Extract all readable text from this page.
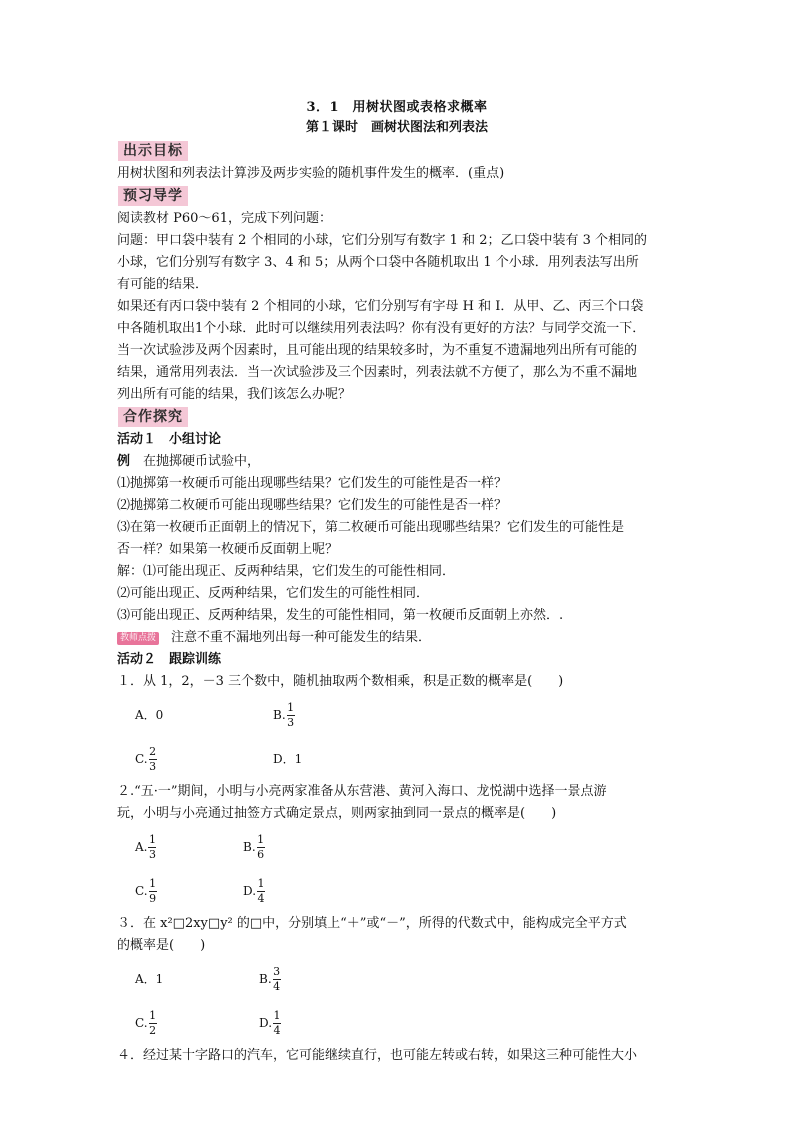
3．1　用树状图或表格求概率
第１课时　画树状图法和列表法
出示目标

用树状图和列表法计算涉及两步实验的随机事件发生的概率．(重点)

预习导学

阅读教材 P60～61，完成下列问题：

问题：甲口袋中装有 2 个相同的小球，它们分别写有数字 1 和 2；乙口袋中装有 3 个相同的

小球，它们分别写有数字 3、4 和 5；从两个口袋中各随机取出 1 个小球．用列表法写出所

有可能的结果．

如果还有丙口袋中装有 2 个相同的小球，它们分别写有字母 H 和 I．从甲、乙、丙三个口袋

中各随机取出1个小球．此时可以继续用列表法吗？你有没有更好的方法？与同学交流一下．

当一次试验涉及两个因素时，且可能出现的结果较多时，为不重复不遗漏地列出所有可能的

结果，通常用列表法．当一次试验涉及三个因素时，列表法就不方便了，那么为不重不漏地

列出所有可能的结果，我们该怎么办呢？

合作探究

活动１　小组讨论

例　在抛掷硬币试验中，

⑴抛掷第一枚硬币可能出现哪些结果？它们发生的可能性是否一样？

⑵抛掷第二枚硬币可能出现哪些结果？它们发生的可能性是否一样？

⑶在第一枚硬币正面朝上的情况下，第二枚硬币可能出现哪些结果？它们发生的可能性是

否一样？如果第一枚硬币反面朝上呢？

解：⑴可能出现正、反两种结果，它们发生的可能性相同．

⑵可能出现正、反两种结果，它们发生的可能性相同．

⑶可能出现正、反两种结果，发生的可能性相同，第一枚硬币反面朝上亦然．.

教师点拨 注意不重不漏地列出每一种可能发生的结果．

活动２　跟踪训练

１．从 1，2，－3 三个数中，随机抽取两个数相乘，积是正数的概率是(　　)

A．0	B. $\frac{1}{3}$
C. $\frac{2}{3}$	D．1

２.“五·一”期间，小明与小亮两家准备从东营港、黄河入海口、龙悦湖中选择一景点游

玩，小明与小亮通过抽签方式确定景点，则两家抽到同一景点的概率是(　　)

A. $\frac{1}{3}$	B. $\frac{1}{6}$
C. $\frac{1}{9}$	D. $\frac{1}{4}$

３．在 x²□2xy□y² 的□中，分别填上“＋”或“－”，所得的代数式中，能构成完全平方式

的概率是(　　)

A．1	B. $\frac{3}{4}$
C. $\frac{1}{2}$	D. $\frac{1}{4}$

４．经过某十字路口的汽车，它可能继续直行，也可能左转或右转，如果这三种可能性大小
